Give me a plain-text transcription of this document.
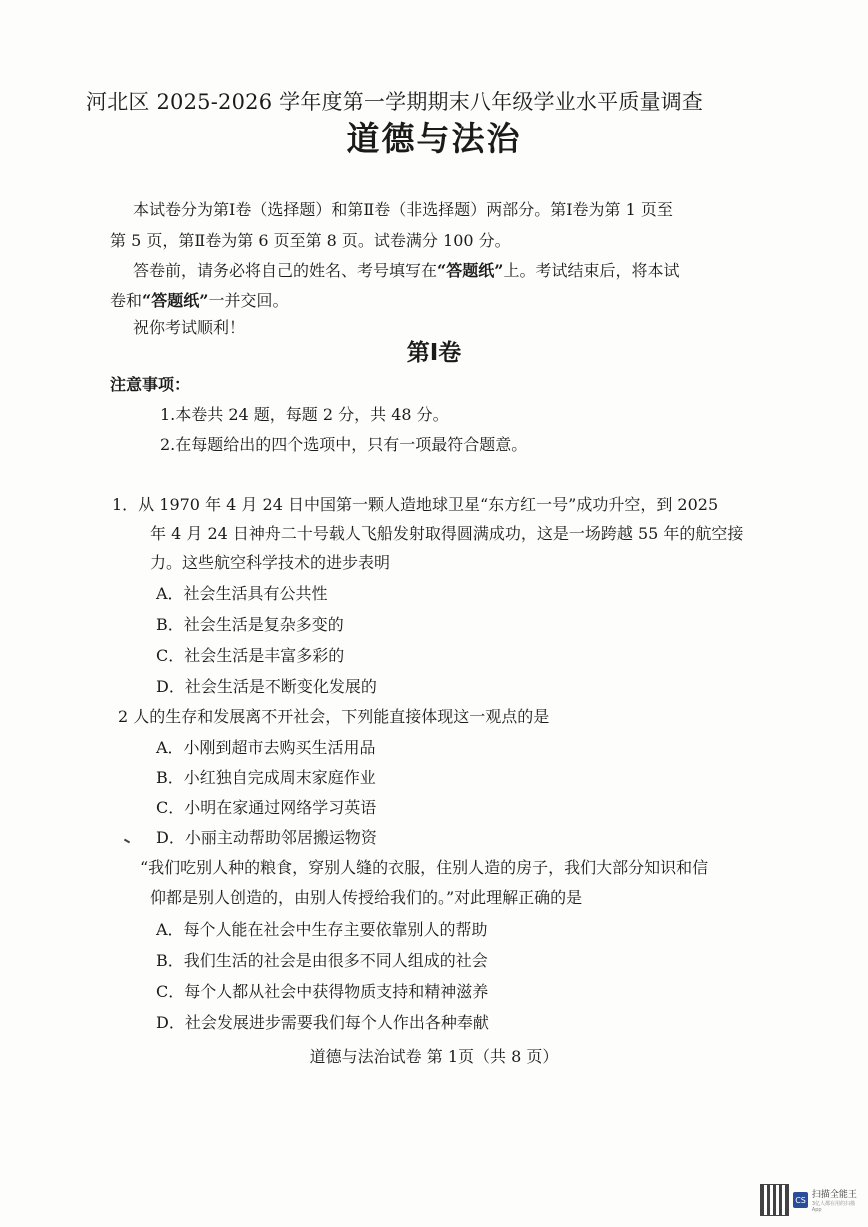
河北区 2025-2026 学年度第一学期期末八年级学业水平质量调查
道德与法治
本试卷分为第Ⅰ卷（选择题）和第Ⅱ卷（非选择题）两部分。第Ⅰ卷为第 1 页至
第 5 页，第Ⅱ卷为第 6 页至第 8 页。试卷满分 100 分。
答卷前，请务必将自己的姓名、考号填写在“答题纸”上。考试结束后，将本试
卷和“答题纸”一并交回。
祝你考试顺利！
第Ⅰ卷
注意事项：
1.本卷共 24 题，每题 2 分，共 48 分。
2.在每题给出的四个选项中，只有一项最符合题意。
1．从 1970 年 4 月 24 日中国第一颗人造地球卫星“东方红一号”成功升空，到 2025
年 4 月 24 日神舟二十号载人飞船发射取得圆满成功，这是一场跨越 55 年的航空接
力。这些航空科学技术的进步表明
A．社会生活具有公共性
B．社会生活是复杂多变的
C．社会生活是丰富多彩的
D．社会生活是不断变化发展的
2 人的生存和发展离不开社会，下列能直接体现这一观点的是
A．小刚到超市去购买生活用品
B．小红独自完成周末家庭作业
C．小明在家通过网络学习英语
D．小丽主动帮助邻居搬运物资
“我们吃别人种的粮食，穿别人缝的衣服，住别人造的房子，我们大部分知识和信
仰都是别人创造的，由别人传授给我们的。”对此理解正确的是
A．每个人能在社会中生存主要依靠别人的帮助
B．我们生活的社会是由很多不同人组成的社会
C．每个人都从社会中获得物质支持和精神滋养
D．社会发展进步需要我们每个人作出各种奉献
道德与法治试卷 第 1页（共 8 页）
CS 扫描全能王
3亿人都在用的扫描App
